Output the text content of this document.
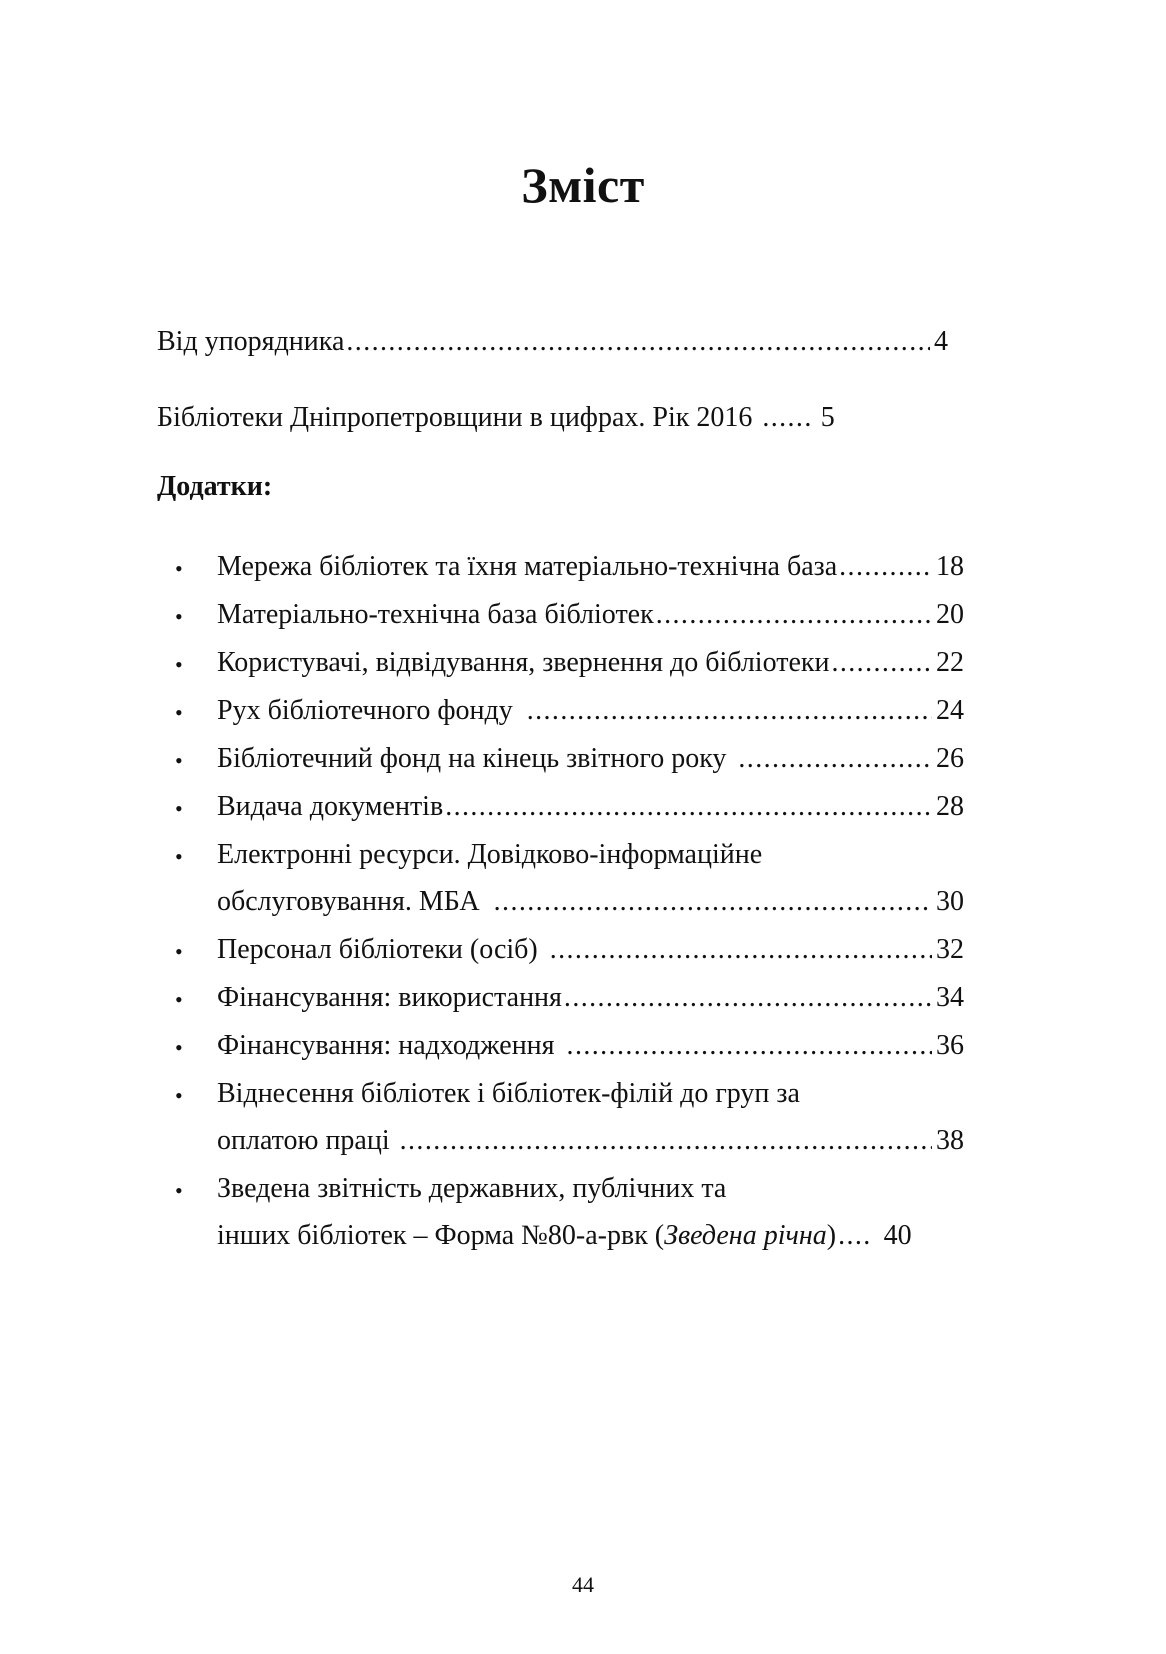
Зміст
Від упорядника .....	4
Бібліотеки Дніпропетровщини в цифрах. Рік 2016 ...... 5
Додатки:
• Мережа бібліотек та їхня матеріально-технічна база .....	18
• Матеріально-технічна база бібліотек .....	20
• Користувачі, відвідування, звернення до бібліотеки .....	22
• Рух бібліотечного фонду .....	24
• Бібліотечний фонд на кінець звітного року .....	26
• Видача документів .....	28
• Електронні ресурси. Довідково-інформаційне
обслуговування. МБА .....	30
• Персонал бібліотеки (осіб) .....	32
• Фінансування: використання .....	34
• Фінансування: надходження .....	36
• Віднесення бібліотек і бібліотек-філій до груп за
оплатою праці .....	38
• Зведена звітність державних, публічних та
інших бібліотек – Форма №80-а-рвк (Зведена річна) .... 40
44
